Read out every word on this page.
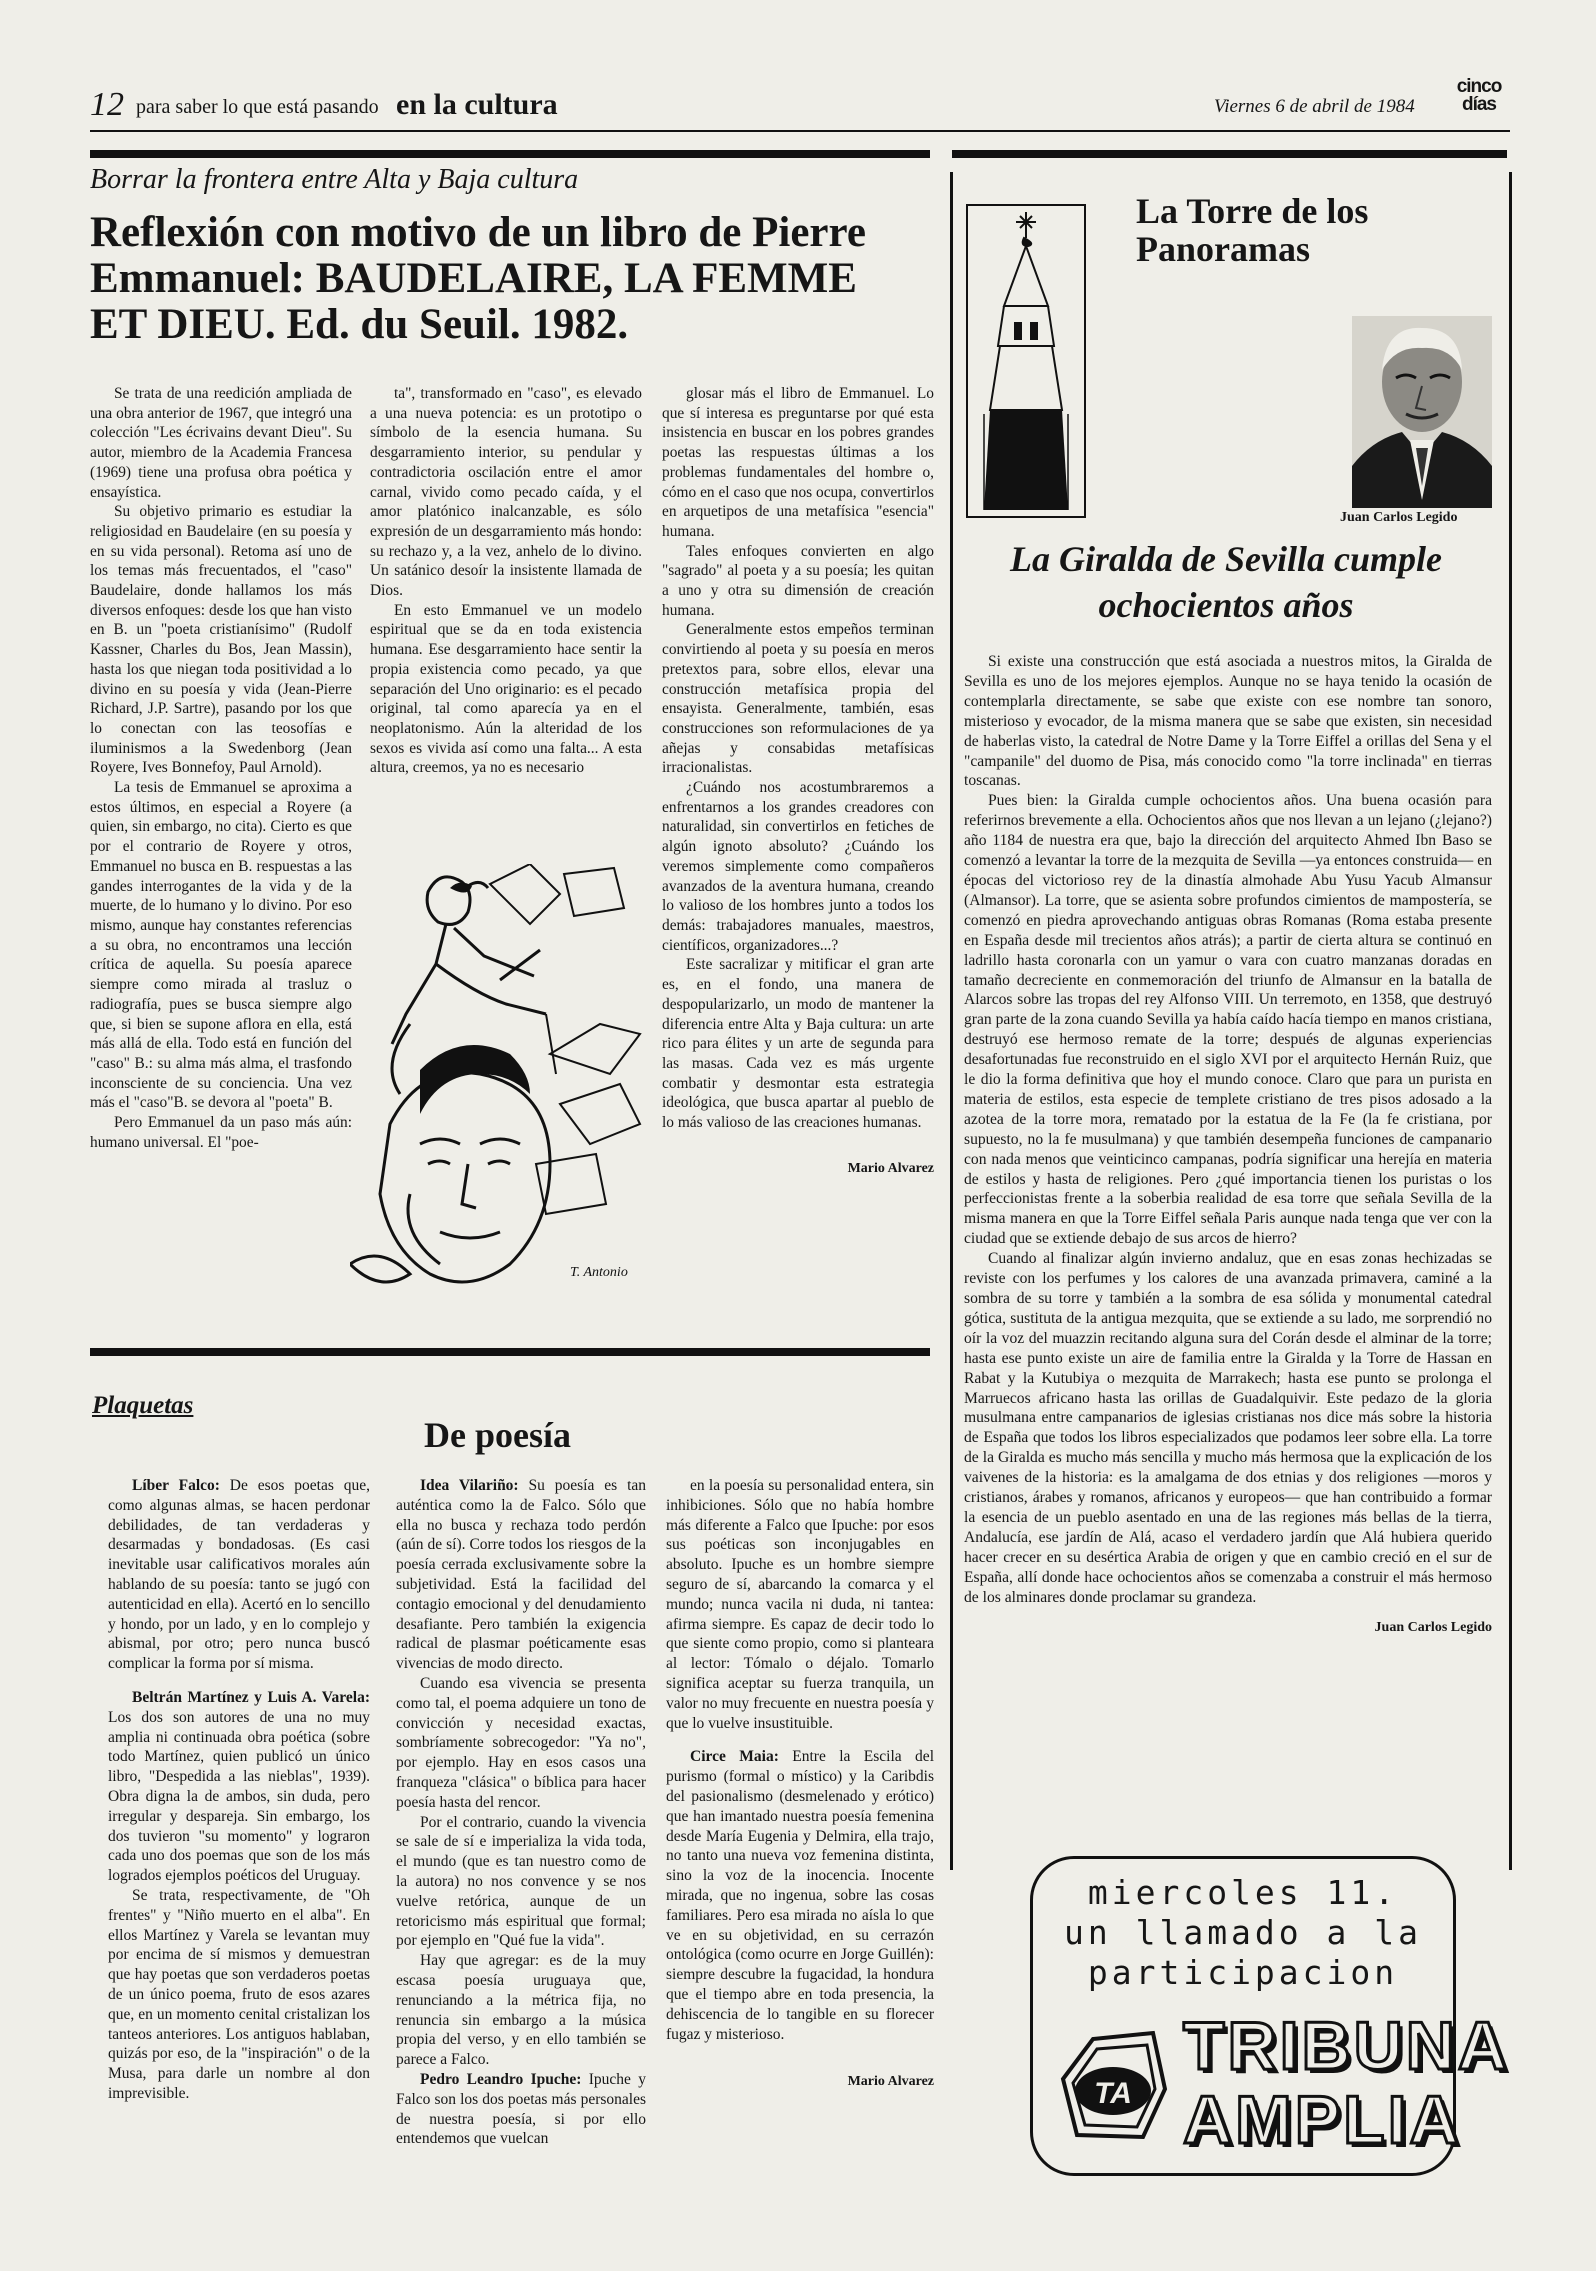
12 para saber lo que está pasando en la cultura	Viernes 6 de abril de 1984
cinco
días
Borrar la frontera entre Alta y Baja cultura
Reflexión con motivo de un libro de Pierre
Emmanuel: BAUDELAIRE, LA FEMME
ET DIEU. Ed. du Seuil. 1982.

Se trata de una reedición ampliada de una obra anterior de 1967, que integró una colección "Les écrivains devant Dieu". Su autor, miembro de la Academia Francesa (1969) tiene una profusa obra poética y ensayística.

Su objetivo primario es estudiar la religiosidad en Baudelaire (en su poesía y en su vida personal). Retoma así uno de los temas más frecuentados, el "caso" Baudelaire, donde hallamos los más diversos enfoques: desde los que han visto en B. un "poeta cristianísimo" (Rudolf Kassner, Charles du Bos, Jean Massin), hasta los que niegan toda positividad a lo divino en su poesía y vida (Jean-Pierre Richard, J.P. Sartre), pasando por los que lo conectan con las teosofías e iluminismos a la Swedenborg (Jean Royere, Ives Bonnefoy, Paul Arnold).

La tesis de Emmanuel se aproxima a estos últimos, en especial a Royere (a quien, sin embargo, no cita). Cierto es que por el contrario de Royere y otros, Emmanuel no busca en B. respuestas a las gandes interrogantes de la vida y de la muerte, de lo humano y lo divino. Por eso mismo, aunque hay constantes referencias a su obra, no encontramos una lección crítica de aquella. Su poesía aparece siempre como mirada al trasluz o radiografía, pues se busca siempre algo que, si bien se supone aflora en ella, está más allá de ella. Todo está en función del "caso" B.: su alma más alma, el trasfondo inconsciente de su conciencia. Una vez más el "caso"B. se devora al "poeta" B.

Pero Emmanuel da un paso más aún: humano universal. El "poe-

ta", transformado en "caso", es elevado a una nueva potencia: es un prototipo o símbolo de la esencia humana. Su desgarramiento interior, su pendular y contradictoria oscilación entre el amor carnal, vivido como pecado caída, y el amor platónico inalcanzable, es sólo expresión de un desgarramiento más hondo: su rechazo y, a la vez, anhelo de lo divino. Un satánico desoír la insistente llamada de Dios.

En esto Emmanuel ve un modelo espiritual que se da en toda existencia humana. Ese desgarramiento hace sentir la propia existencia como pecado, ya que separación del Uno originario: es el pecado original, tal como aparecía ya en el neoplatonismo. Aún la alteridad de los sexos es vivida así como una falta... A esta altura, creemos, ya no es necesario

T. Antonio

glosar más el libro de Emmanuel. Lo que sí interesa es preguntarse por qué esta insistencia en buscar en los pobres grandes poetas las respuestas últimas a los problemas fundamentales del hombre o, cómo en el caso que nos ocupa, convertirlos en arquetipos de una metafísica "esencia" humana.

Tales enfoques convierten en algo "sagrado" al poeta y a su poesía; les quitan a uno y otra su dimensión de creación humana.

Generalmente estos empeños terminan convirtiendo al poeta y su poesía en meros pretextos para, sobre ellos, elevar una construcción metafísica propia del ensayista. Generalmente, también, esas construcciones son reformulaciones de ya añejas y consabidas metafísicas irracionalistas.

¿Cuándo nos acostumbraremos a enfrentarnos a los grandes creadores con naturalidad, sin convertirlos en fetiches de algún ignoto absoluto? ¿Cuándo los veremos simplemente como compañeros avanzados de la aventura humana, creando lo valioso de los hombres junto a todos los demás: trabajadores manuales, maestros, científicos, organizadores...?

Este sacralizar y mitificar el gran arte es, en el fondo, una manera de despopularizarlo, un modo de mantener la diferencia entre Alta y Baja cultura: un arte rico para élites y un arte de segunda para las masas. Cada vez es más urgente combatir y desmontar esta estrategia ideológica, que busca apartar al pueblo de lo más valioso de las creaciones humanas.

Mario Alvarez

Plaquetas
De poesía

Líber Falco: De esos poetas que, como algunas almas, se hacen perdonar debilidades, de tan verdaderas y desarmadas y bondadosas. (Es casi inevitable usar calificativos morales aún hablando de su poesía: tanto se jugó con autenticidad en ella). Acertó en lo sencillo y hondo, por un lado, y en lo complejo y abismal, por otro; pero nunca buscó complicar la forma por sí misma.

Beltrán Martínez y Luis A. Varela: Los dos son autores de una no muy amplia ni continuada obra poética (sobre todo Martínez, quien publicó un único libro, "Despedida a las nieblas", 1939). Obra digna la de ambos, sin duda, pero irregular y despareja. Sin embargo, los dos tuvieron "su momento" y lograron cada uno dos poemas que son de los más logrados ejemplos poéticos del Uruguay.

Se trata, respectivamente, de "Oh frentes" y "Niño muerto en el alba". En ellos Martínez y Varela se levantan muy por encima de sí mismos y demuestran que hay poetas que son verdaderos poetas de un único poema, fruto de esos azares que, en un momento cenital cristalizan los tanteos anteriores. Los antiguos hablaban, quizás por eso, de la "inspiración" o de la Musa, para darle un nombre al don imprevisible.

Idea Vilariño: Su poesía es tan auténtica como la de Falco. Sólo que ella no busca y rechaza todo perdón (aún de sí). Corre todos los riesgos de la poesía cerrada exclusivamente sobre la subjetividad. Está la facilidad del contagio emocional y del denudamiento desafiante. Pero también la exigencia radical de plasmar poéticamente esas vivencias de modo directo.

Cuando esa vivencia se presenta como tal, el poema adquiere un tono de convicción y necesidad exactas, sombríamente sobrecogedor: "Ya no", por ejemplo. Hay en esos casos una franqueza "clásica" o bíblica para hacer poesía hasta del rencor.

Por el contrario, cuando la vivencia se sale de sí e imperializa la vida toda, el mundo (que es tan nuestro como de la autora) no nos convence y se nos vuelve retórica, aunque de un retoricismo más espiritual que formal; por ejemplo en "Qué fue la vida".

Hay que agregar: es de la muy escasa poesía uruguaya que, renunciando a la métrica fija, no renuncia sin embargo a la música propia del verso, y en ello también se parece a Falco.

Pedro Leandro Ipuche: Ipuche y Falco son los dos poetas más personales de nuestra poesía, si por ello entendemos que vuelcan

en la poesía su personalidad entera, sin inhibiciones. Sólo que no había hombre más diferente a Falco que Ipuche: por esos sus poéticas son inconjugables en absoluto. Ipuche es un hombre siempre seguro de sí, abarcando la comarca y el mundo; nunca vacila ni duda, ni tantea: afirma siempre. Es capaz de decir todo lo que siente como propio, como si planteara al lector: Tómalo o déjalo. Tomarlo significa aceptar su fuerza tranquila, un valor no muy frecuente en nuestra poesía y que lo vuelve insustituible.

Circe Maia: Entre la Escila del purismo (formal o místico) y la Caribdis del pasionalismo (desmelenado y erótico) que han imantado nuestra poesía femenina desde María Eugenia y Delmira, ella trajo, no tanto una nueva voz femenina distinta, sino la voz de la inocencia. Inocente mirada, que no ingenua, sobre las cosas familiares. Pero esa mirada no aísla lo que ve en su objetividad, en su cerrazón ontológica (como ocurre en Jorge Guillén): siempre descubre la fugacidad, la hondura que el tiempo abre en toda presencia, la dehiscencia de lo tangible en su florecer fugaz y misterioso.

Mario Alvarez

La Torre de los
Panoramas
Juan Carlos Legido
La Giralda de Sevilla cumple
ochocientos años

Si existe una construcción que está asociada a nuestros mitos, la Giralda de Sevilla es uno de los mejores ejemplos. Aunque no se haya tenido la ocasión de contemplarla directamente, se sabe que existe con ese nombre tan sonoro, misterioso y evocador, de la misma manera que se sabe que existen, sin necesidad de haberlas visto, la catedral de Notre Dame y la Torre Eiffel a orillas del Sena y el "campanile" del duomo de Pisa, más conocido como "la torre inclinada" en tierras toscanas.

Pues bien: la Giralda cumple ochocientos años. Una buena ocasión para referirnos brevemente a ella. Ochocientos años que nos llevan a un lejano (¿lejano?) año 1184 de nuestra era que, bajo la dirección del arquitecto Ahmed Ibn Baso se comenzó a levantar la torre de la mezquita de Sevilla —ya entonces construida— en épocas del victorioso rey de la dinastía almohade Abu Yusu Yacub Almansur (Almansor). La torre, que se asienta sobre profundos cimientos de mampostería, se comenzó en piedra aprovechando antiguas obras Romanas (Roma estaba presente en España desde mil trecientos años atrás); a partir de cierta altura se continuó en ladrillo hasta coronarla con un yamur o vara con cuatro manzanas doradas en tamaño decreciente en conmemoración del triunfo de Almansur en la batalla de Alarcos sobre las tropas del rey Alfonso VIII. Un terremoto, en 1358, que destruyó gran parte de la zona cuando Sevilla ya había caído hacía tiempo en manos cristiana, destruyó ese hermoso remate de la torre; después de algunas experiencias desafortunadas fue reconstruido en el siglo XVI por el arquitecto Hernán Ruiz, que le dio la forma definitiva que hoy el mundo conoce. Claro que para un purista en materia de estilos, esta especie de templete cristiano de tres pisos adosado a la azotea de la torre mora, rematado por la estatua de la Fe (la fe cristiana, por supuesto, no la fe musulmana) y que también desempeña funciones de campanario con nada menos que veinticinco campanas, podría significar una herejía en materia de estilos y hasta de religiones. Pero ¿qué importancia tienen los puristas o los perfeccionistas frente a la soberbia realidad de esa torre que señala Sevilla de la misma manera en que la Torre Eiffel señala Paris aunque nada tenga que ver con la ciudad que se extiende debajo de sus arcos de hierro?

Cuando al finalizar algún invierno andaluz, que en esas zonas hechizadas se reviste con los perfumes y los calores de una avanzada primavera, caminé a la sombra de su torre y también a la sombra de esa sólida y monumental catedral gótica, sustituta de la antigua mezquita, que se extiende a su lado, me sorprendió no oír la voz del muazzin recitando alguna sura del Corán desde el alminar de la torre; hasta ese punto existe un aire de familia entre la Giralda y la Torre de Hassan en Rabat y la Kutubiya o mezquita de Marrakech; hasta ese punto se prolonga el Marruecos africano hasta las orillas de Guadalquivir. Este pedazo de la gloria musulmana entre campanarios de iglesias cristianas nos dice más sobre la historia de España que todos los libros especializados que podamos leer sobre ella. La torre de la Giralda es mucho más sencilla y mucho más hermosa que la explicación de los vaivenes de la historia: es la amalgama de dos etnias y dos religiones —moros y cristianos, árabes y romanos, africanos y europeos— que han contribuido a formar la esencia de un pueblo asentado en una de las regiones más bellas de la tierra, Andalucía, ese jardín de Alá, acaso el verdadero jardín que Alá hubiera querido hacer crecer en su desértica Arabia de origen y que en cambio creció en el sur de España, allí donde hace ochocientos años se comenzaba a construir el más hermoso de los alminares donde proclamar su grandeza.

Juan Carlos Legido

miercoles 11.
un llamado a la
participacion
TA
TRIBUNA
AMPLIA
